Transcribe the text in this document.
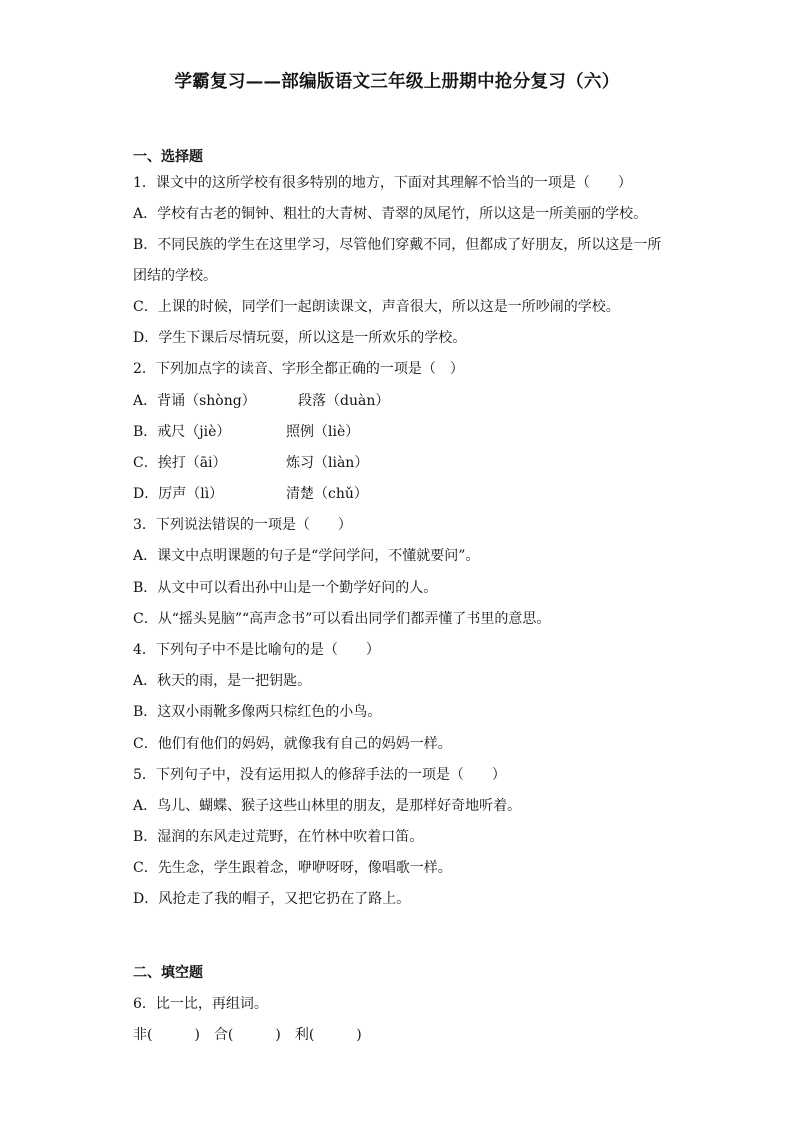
学霸复习——部编版语文三年级上册期中抢分复习（六）
一、选择题
1．课文中的这所学校有很多特别的地方，下面对其理解不恰当的一项是（　　）
A．学校有古老的铜钟、粗壮的大青树、青翠的凤尾竹，所以这是一所美丽的学校。
B．不同民族的学生在这里学习，尽管他们穿戴不同，但都成了好朋友，所以这是一所
团结的学校。
C．上课的时候，同学们一起朗读课文，声音很大，所以这是一所吵闹的学校。
D．学生下课后尽情玩耍，所以这是一所欢乐的学校。
2．下列加点字的读音、字形全都正确的一项是（　）
A．背诵（shòng）	段落（duàn）
B．戒尺（jiè）	照例（liè）
C．挨打（āi）	炼习（liàn）
D．厉声（lì）	清楚（chǔ）
3．下列说法错误的一项是（　　）
A．课文中点明课题的句子是“学问学问，不懂就要问”。
B．从文中可以看出孙中山是一个勤学好问的人。
C．从“摇头晃脑”“高声念书”可以看出同学们都弄懂了书里的意思。
4．下列句子中不是比喻句的是（　　）
A．秋天的雨，是一把钥匙。
B．这双小雨靴多像两只棕红色的小鸟。
C．他们有他们的妈妈，就像我有自己的妈妈一样。
5．下列句子中，没有运用拟人的修辞手法的一项是（　　）
A．鸟儿、蝴蝶、猴子这些山林里的朋友，是那样好奇地听着。
B．湿润的东风走过荒野，在竹林中吹着口笛。
C．先生念，学生跟着念，咿咿呀呀，像唱歌一样。
D．风抢走了我的帽子，又把它扔在了路上。
二、填空题
6．比一比，再组词。
非(　　　)　合(　　　)　利(　　　)
